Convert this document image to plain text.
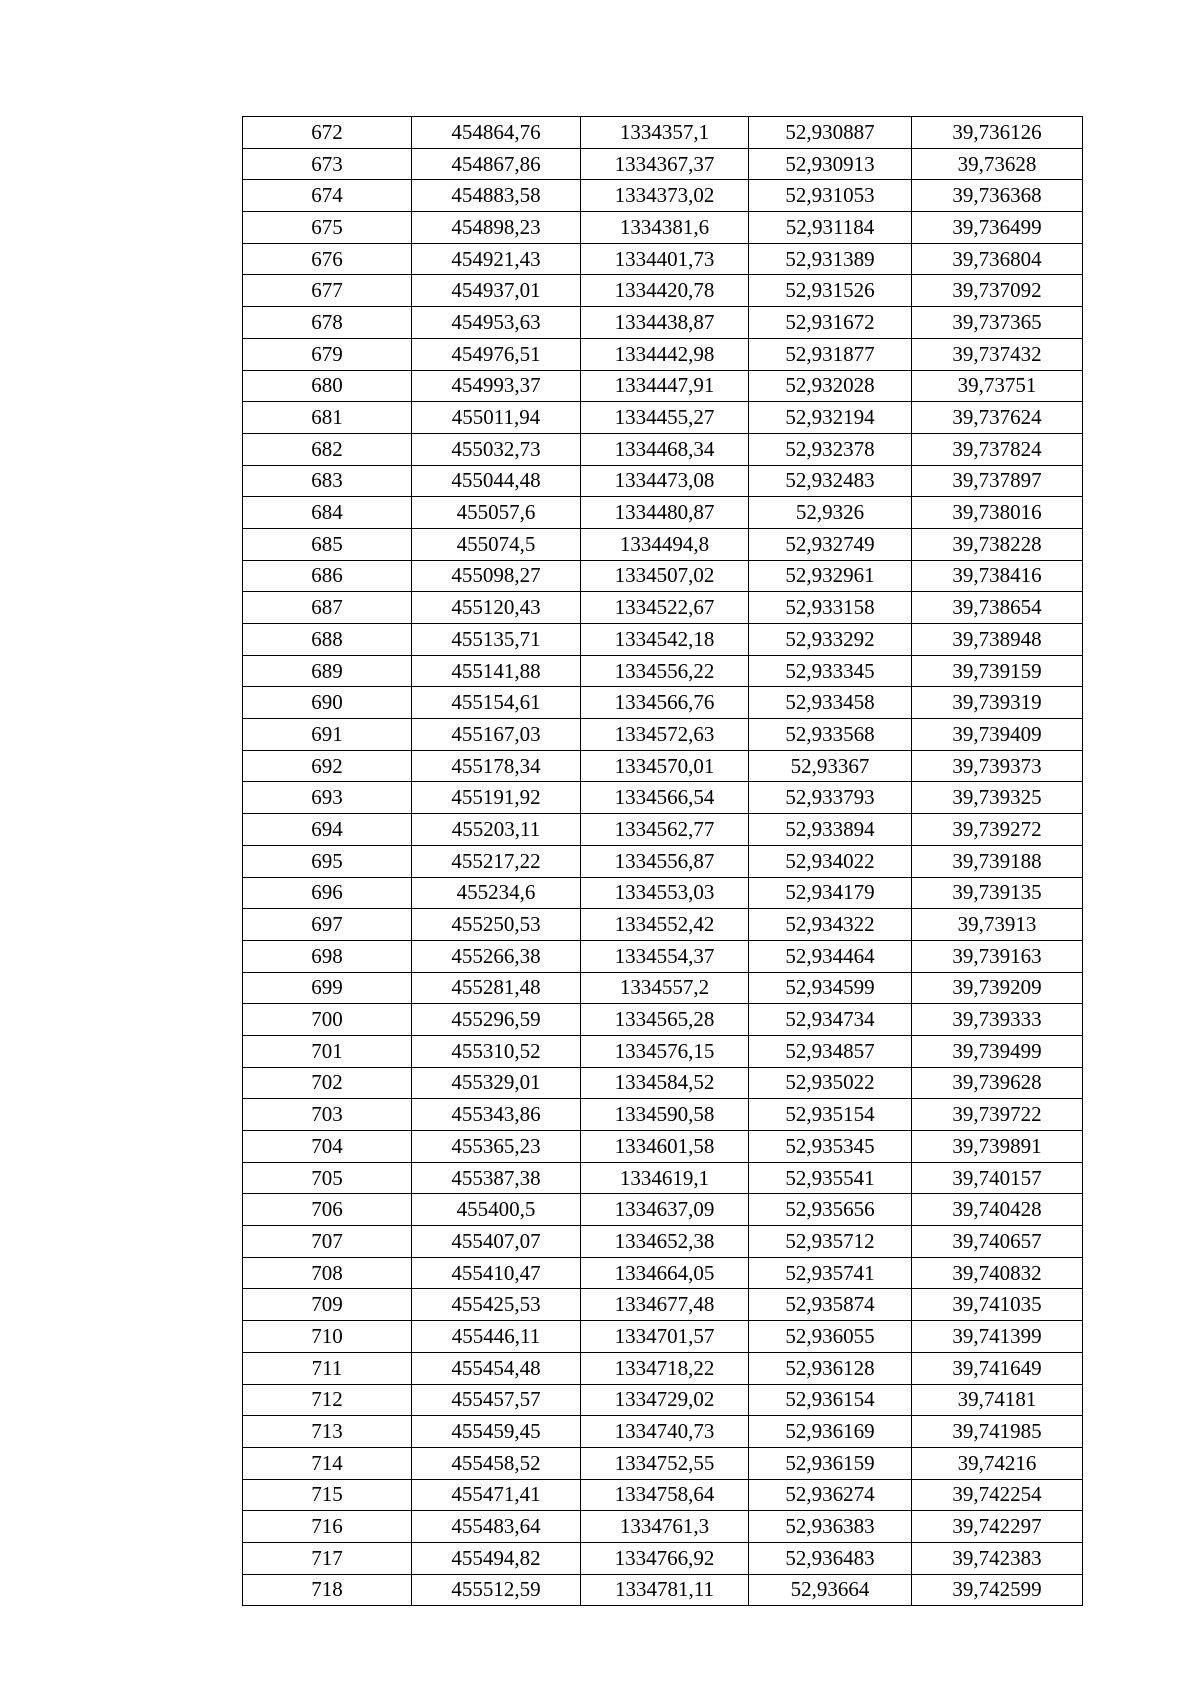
672	454864,76	1334357,1	52,930887	39,736126
673	454867,86	1334367,37	52,930913	39,73628
674	454883,58	1334373,02	52,931053	39,736368
675	454898,23	1334381,6	52,931184	39,736499
676	454921,43	1334401,73	52,931389	39,736804
677	454937,01	1334420,78	52,931526	39,737092
678	454953,63	1334438,87	52,931672	39,737365
679	454976,51	1334442,98	52,931877	39,737432
680	454993,37	1334447,91	52,932028	39,73751
681	455011,94	1334455,27	52,932194	39,737624
682	455032,73	1334468,34	52,932378	39,737824
683	455044,48	1334473,08	52,932483	39,737897
684	455057,6	1334480,87	52,9326	39,738016
685	455074,5	1334494,8	52,932749	39,738228
686	455098,27	1334507,02	52,932961	39,738416
687	455120,43	1334522,67	52,933158	39,738654
688	455135,71	1334542,18	52,933292	39,738948
689	455141,88	1334556,22	52,933345	39,739159
690	455154,61	1334566,76	52,933458	39,739319
691	455167,03	1334572,63	52,933568	39,739409
692	455178,34	1334570,01	52,93367	39,739373
693	455191,92	1334566,54	52,933793	39,739325
694	455203,11	1334562,77	52,933894	39,739272
695	455217,22	1334556,87	52,934022	39,739188
696	455234,6	1334553,03	52,934179	39,739135
697	455250,53	1334552,42	52,934322	39,73913
698	455266,38	1334554,37	52,934464	39,739163
699	455281,48	1334557,2	52,934599	39,739209
700	455296,59	1334565,28	52,934734	39,739333
701	455310,52	1334576,15	52,934857	39,739499
702	455329,01	1334584,52	52,935022	39,739628
703	455343,86	1334590,58	52,935154	39,739722
704	455365,23	1334601,58	52,935345	39,739891
705	455387,38	1334619,1	52,935541	39,740157
706	455400,5	1334637,09	52,935656	39,740428
707	455407,07	1334652,38	52,935712	39,740657
708	455410,47	1334664,05	52,935741	39,740832
709	455425,53	1334677,48	52,935874	39,741035
710	455446,11	1334701,57	52,936055	39,741399
711	455454,48	1334718,22	52,936128	39,741649
712	455457,57	1334729,02	52,936154	39,74181
713	455459,45	1334740,73	52,936169	39,741985
714	455458,52	1334752,55	52,936159	39,74216
715	455471,41	1334758,64	52,936274	39,742254
716	455483,64	1334761,3	52,936383	39,742297
717	455494,82	1334766,92	52,936483	39,742383
718	455512,59	1334781,11	52,93664	39,742599
